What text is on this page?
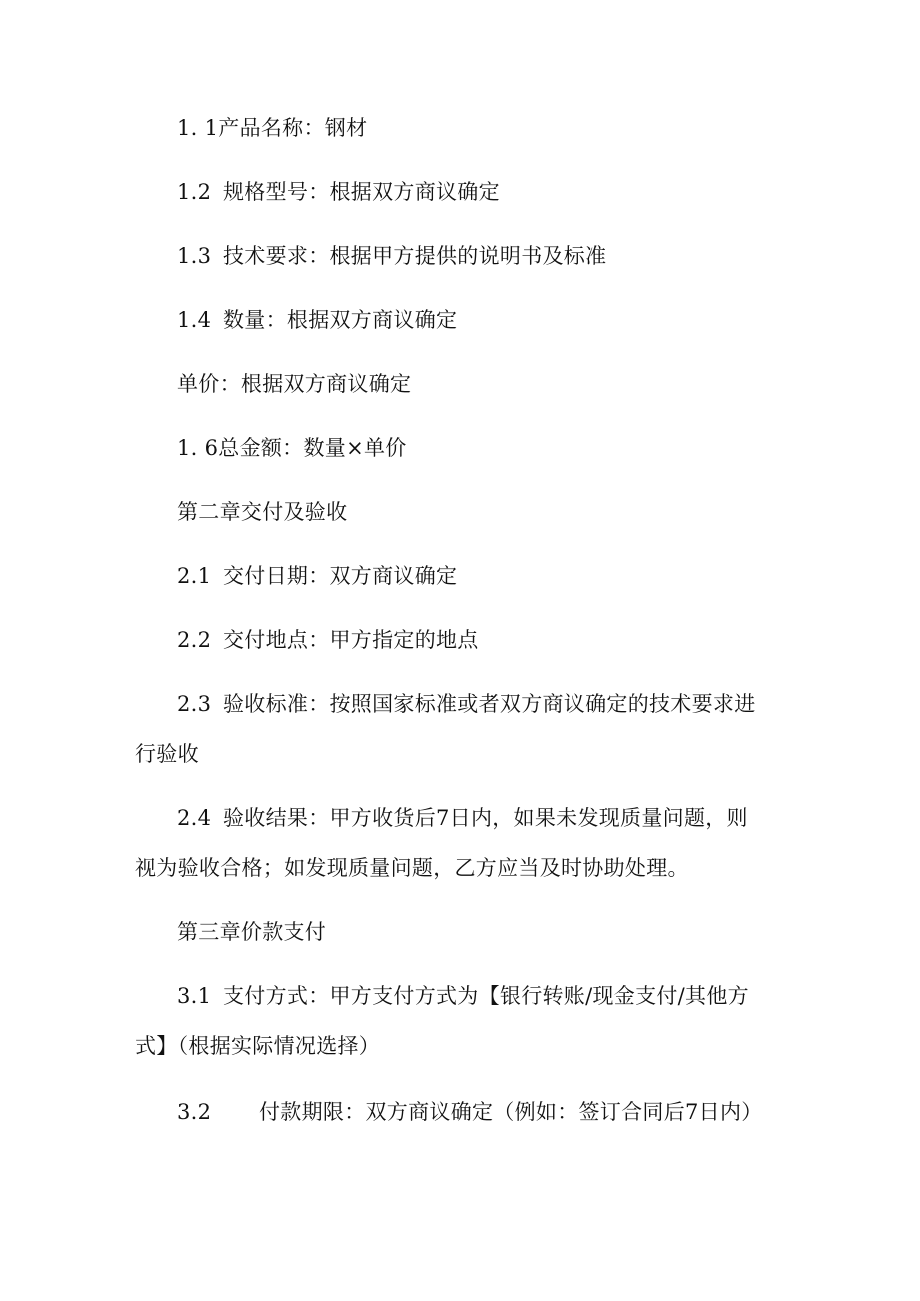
1. 1产品名称：钢材
1.2 规格型号：根据双方商议确定
1.3 技术要求：根据甲方提供的说明书及标准
1.4 数量：根据双方商议确定
单价：根据双方商议确定
1. 6总金额：数量×单价
第二章交付及验收
2.1 交付日期：双方商议确定
2.2 交付地点：甲方指定的地点
2.3 验收标准：按照国家标准或者双方商议确定的技术要求进
行验收
2.4 验收结果：甲方收货后7日内，如果未发现质量问题，则
视为验收合格；如发现质量问题，乙方应当及时协助处理。
第三章价款支付
3.1 支付方式：甲方支付方式为【银行转账/现金支付/其他方
式】（根据实际情况选择）
3.2 付款期限：双方商议确定（例如：签订合同后7日内）
